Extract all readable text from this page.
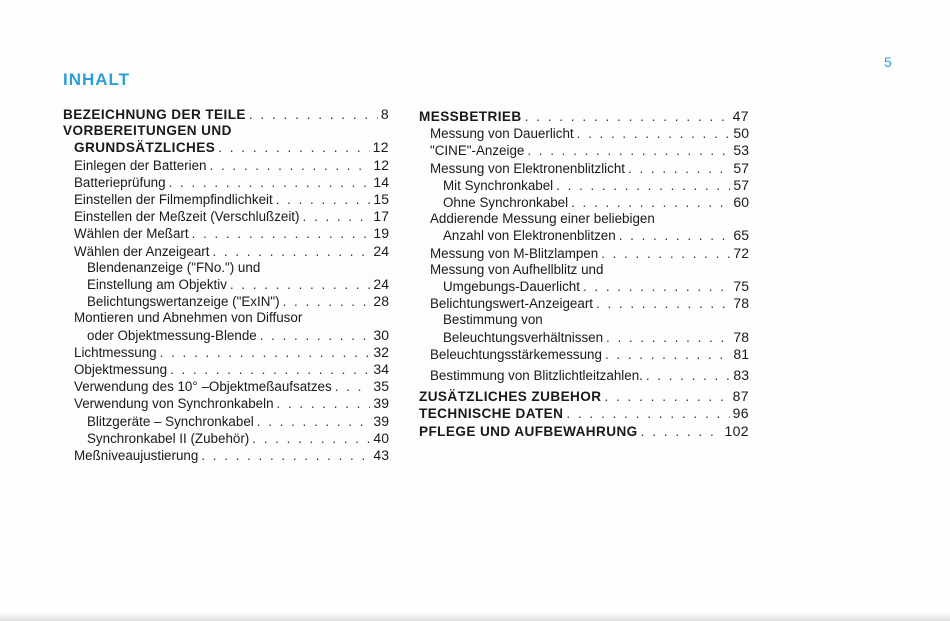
5
INHALT
BEZEICHNUNG DER TEILE . . .	8
VORBEREITUNGEN UND
GRUNDSÄTZLICHES . . .	12
Einlegen der Batterien . . .	12
Batterieprüfung . . .	14
Einstellen der Filmempfindlichkeit . . .	15
Einstellen der Meßzeit (Verschlußzeit) . . .	17
Wählen der Meßart . . .	19
Wählen der Anzeigeart . . .	24
Blendenanzeige ("FNo.") und
Einstellung am Objektiv . . .	24
Belichtungswertanzeige ("ExIN") . . .	28
Montieren und Abnehmen von Diffusor
oder Objektmessung-Blende . . .	30
Lichtmessung . . .	32
Objektmessung . . .	34
Verwendung des 10° –Objektmeßaufsatzes . . .	35
Verwendung von Synchronkabeln . . .	39
Blitzgeräte – Synchronkabel . . .	39
Synchronkabel II (Zubehör) . . .	40
Meßniveaujustierung . . .	43
MESSBETRIEB . . .	47
Messung von Dauerlicht . . .	50
"CINE"-Anzeige . . .	53
Messung von Elektronenblitzlicht . . .	57
Mit Synchronkabel . . .	57
Ohne Synchronkabel . . .	60
Addierende Messung einer beliebigen
Anzahl von Elektronenblitzen . . .	65
Messung von M-Blitzlampen . . .	72
Messung von Aufhellblitz und
Umgebungs-Dauerlicht . . .	75
Belichtungswert-Anzeigeart . . .	78
Bestimmung von
Beleuchtungsverhältnissen . . .	78
Beleuchtungsstärkemessung . . .	81
Bestimmung von Blitzlichtleitzahlen. . . .	83
ZUSÄTZLICHES ZUBEHOR . . .	87
TECHNISCHE DATEN . . .	96
PFLEGE UND AUFBEWAHRUNG . . .	102
